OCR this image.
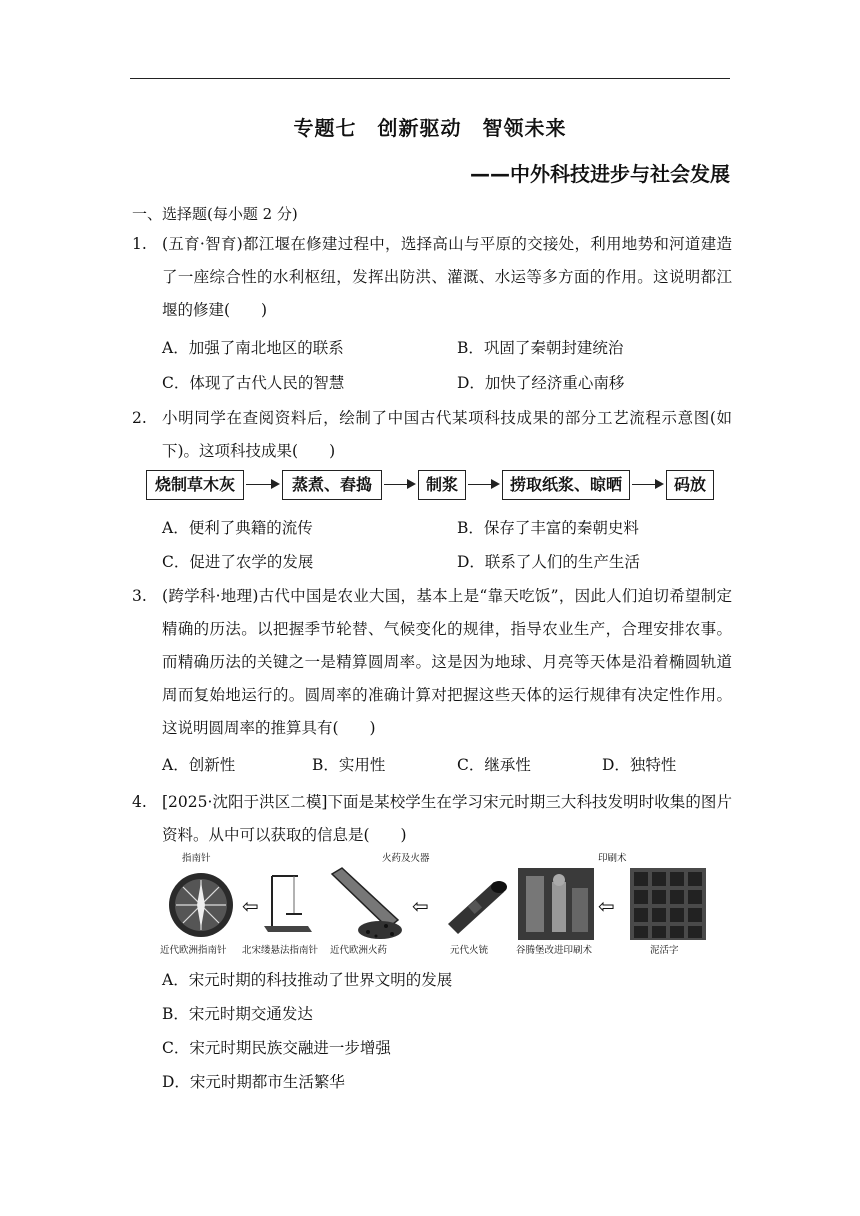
专题七　创新驱动　智领未来
——中外科技进步与社会发展
一、选择题(每小题 2 分)
1. (五育·智育)都江堰在修建过程中，选择高山与平原的交接处，利用地势和河道建造了一座综合性的水利枢纽，发挥出防洪、灌溉、水运等多方面的作用。这说明都江堰的修建(　　)
A．加强了南北地区的联系	B．巩固了秦朝封建统治
C．体现了古代人民的智慧	D．加快了经济重心南移
2. 小明同学在查阅资料后，绘制了中国古代某项科技成果的部分工艺流程示意图(如下)。这项科技成果(　　)
烧制草木灰	蒸煮、舂捣	制浆	捞取纸浆、晾晒	码放
A．便利了典籍的流传	B．保存了丰富的秦朝史料
C．促进了农学的发展	D．联系了人们的生产生活
3. (跨学科·地理)古代中国是农业大国，基本上是“靠天吃饭”，因此人们迫切希望制定精确的历法。以把握季节轮替、气候变化的规律，指导农业生产，合理安排农事。而精确历法的关键之一是精算圆周率。这是因为地球、月亮等天体是沿着椭圆轨道周而复始地运行的。圆周率的准确计算对把握这些天体的运行规律有决定性作用。这说明圆周率的推算具有(　　)
A．创新性	B．实用性	C．继承性	D．独特性
4. [2025·沈阳于洪区二模]下面是某校学生在学习宋元时期三大科技发明时收集的图片资料。从中可以获取的信息是(　　)
指南针	火药及火器	印刷术
⇦	⇦	⇦
近代欧洲指南针 北宋缕悬法指南针 近代欧洲火药	元代火铳	谷腾堡改进印刷术	泥活字
A．宋元时期的科技推动了世界文明的发展
B．宋元时期交通发达
C．宋元时期民族交融进一步增强
D．宋元时期都市生活繁华
